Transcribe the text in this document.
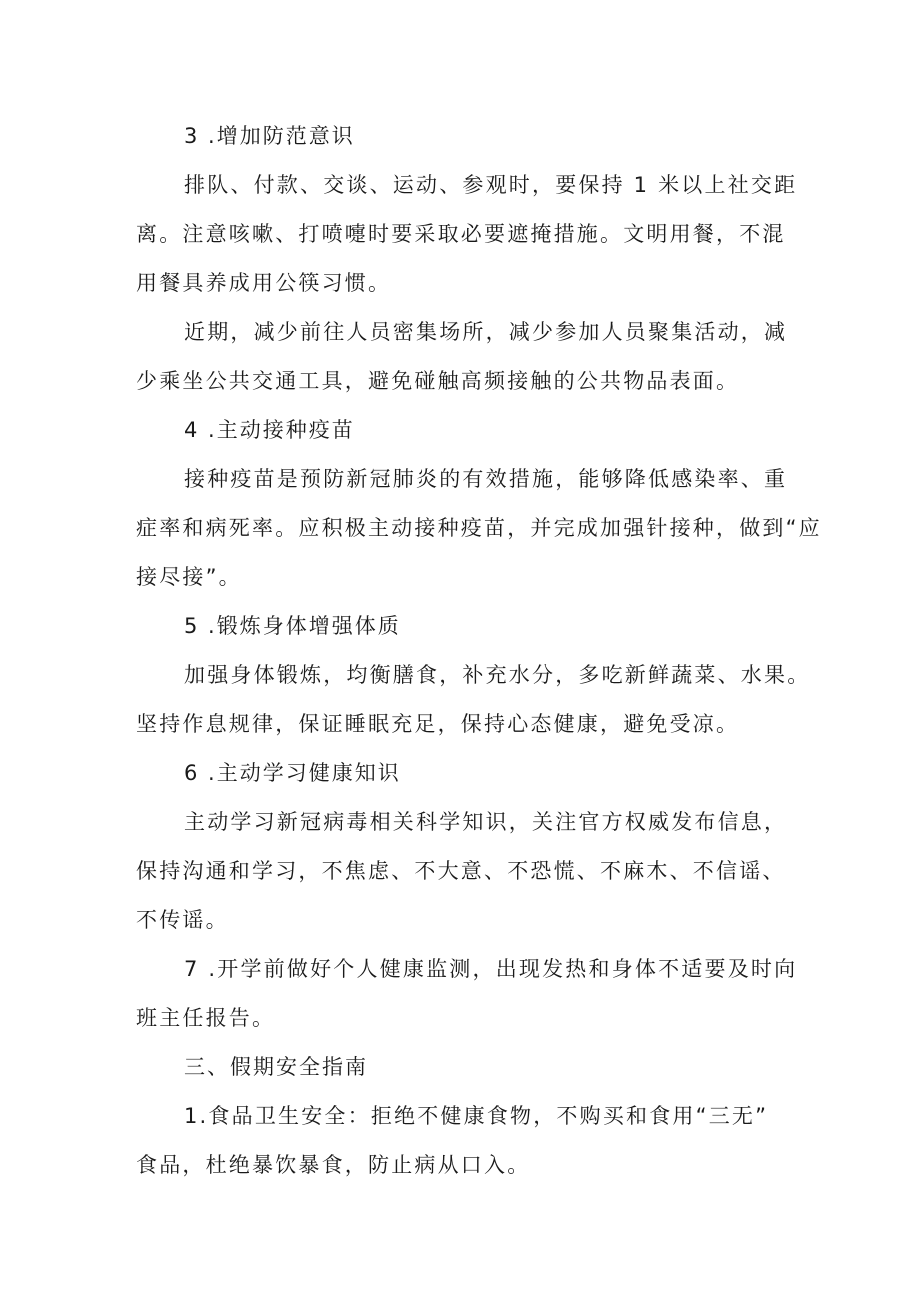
3 .增加防范意识

排队、付款、交谈、运动、参观时，要保持 1 米以上社交距
离。注意咳嗽、打喷嚏时要采取必要遮掩措施。文明用餐，不混
用餐具养成用公筷习惯。

近期，减少前往人员密集场所，减少参加人员聚集活动，减
少乘坐公共交通工具，避免碰触高频接触的公共物品表面。

4 .主动接种疫苗

接种疫苗是预防新冠肺炎的有效措施，能够降低感染率、重
症率和病死率。应积极主动接种疫苗，并完成加强针接种，做到“应
接尽接”。

5 .锻炼身体增强体质

加强身体锻炼，均衡膳食，补充水分，多吃新鲜蔬菜、水果。
坚持作息规律，保证睡眠充足，保持心态健康，避免受凉。

6 .主动学习健康知识

主动学习新冠病毒相关科学知识，关注官方权威发布信息，
保持沟通和学习，不焦虑、不大意、不恐慌、不麻木、不信谣、
不传谣。

7 .开学前做好个人健康监测，出现发热和身体不适要及时向
班主任报告。

三、假期安全指南

1.食品卫生安全：拒绝不健康食物，不购买和食用“三无”
食品，杜绝暴饮暴食，防止病从口入。
